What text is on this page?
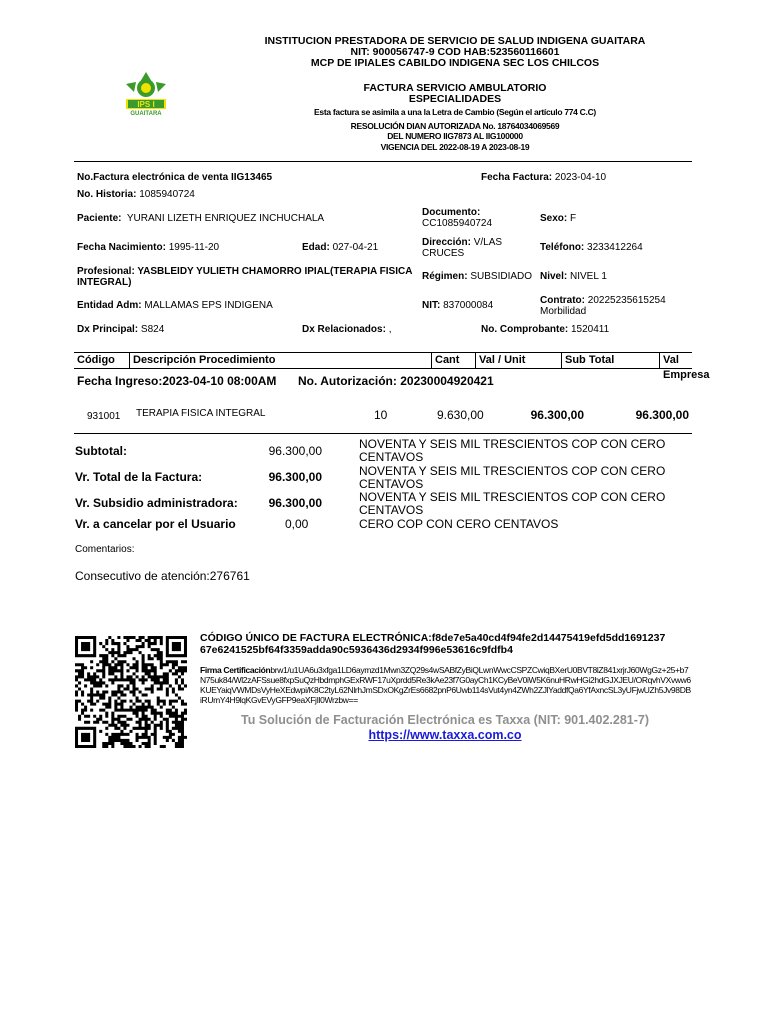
IPS I
GUAITARA
INSTITUCION PRESTADORA DE SERVICIO DE SALUD INDIGENA GUAITARA
NIT: 900056747-9 COD HAB:523560116601
MCP DE IPIALES CABILDO INDIGENA SEC LOS CHILCOS
FACTURA SERVICIO AMBULATORIO
ESPECIALIDADES
Esta factura se asimila a una la Letra de Cambio (Según el artículo 774 C.C)
RESOLUCIÓN DIAN AUTORIZADA No. 18764034069569
DEL NUMERO IIG7873 AL IIG100000
VIGENCIA DEL 2022-08-19 A 2023-08-19
No.Factura electrónica de venta IIG13465	Fecha Factura: 2023-04-10
No. Historia: 1085940724
Paciente: YURANI LIZETH ENRIQUEZ INCHUCHALA
Documento:
CC1085940724	Sexo: F
Fecha Nacimiento: 1995-11-20	Edad: 027-04-21	Dirección: V/LAS CRUCES
Teléfono: 3233412264
Profesional: YASBLEIDY YULIETH CHAMORRO IPIAL(TERAPIA FISICA INTEGRAL)
Régimen: SUBSIDIADO Nivel: NIVEL 1
Entidad Adm: MALLAMAS EPS INDIGENA	NIT: 837000084	Contrato: 20225235615254 Morbilidad
Dx Principal: S824	Dx Relacionados: ,	No. Comprobante: 1520411
Código	Descripción Procedimiento	Cant	Val / Unit	Sub Total	Val Empresa
Fecha Ingreso:2023-04-10 08:00AM No. Autorización: 20230004920421
931001 TERAPIA FISICA INTEGRAL	10	9.630,00	96.300,00	96.300,00
Subtotal:	96.300,00	NOVENTA Y SEIS MIL TRESCIENTOS COP CON CERO CENTAVOS
Vr. Total de la Factura:	96.300,00	NOVENTA Y SEIS MIL TRESCIENTOS COP CON CERO CENTAVOS
Vr. Subsidio administradora:	96.300,00	NOVENTA Y SEIS MIL TRESCIENTOS COP CON CERO CENTAVOS
Vr. a cancelar por el Usuario	0,00	CERO COP CON CERO CENTAVOS
Comentarios:
Consecutivo de atención:276761
CÓDIGO ÚNICO DE FACTURA ELECTRÓNICA:f8de7e5a40cd4f94fe2d14475419efd5dd1691237
67e6241525bf64f3359adda90c5936436d2934f996e53616c9fdfb4
Firma Certificaciónbrw1/u1UA6u3xfga1LD6aymzd1Mwn3ZQ29s4wSABfZyBiQLwnWwcCSPZCwiqBXerU0BVT8lZ841xrjrJ60WgGz+25+b7N75uk84/Wl2zAFSsue8fxpSuQzHbdmphGExRWF17uXprdd5Re3kAe23f7G0ayCh1KCyBeV0iW5K6nuHRwHGi2hdGJXJEU/ORqvhVXvww6KUEYaiqVWMDsVyHeXEdwpi/K8C2tyL62NlrhJmSDxOKgZrEs6682pnP6Uwb114sVut4yn4ZWh2ZJlYaddfQa6YfAxncSL3yUFjwUZh5Jv98DBiRUmY4H9lqKGvEVyGFP9eaXFjIl0Wrzbw==
Tu Solución de Facturación Electrónica es Taxxa (NIT: 901.402.281-7)
https://www.taxxa.com.co
